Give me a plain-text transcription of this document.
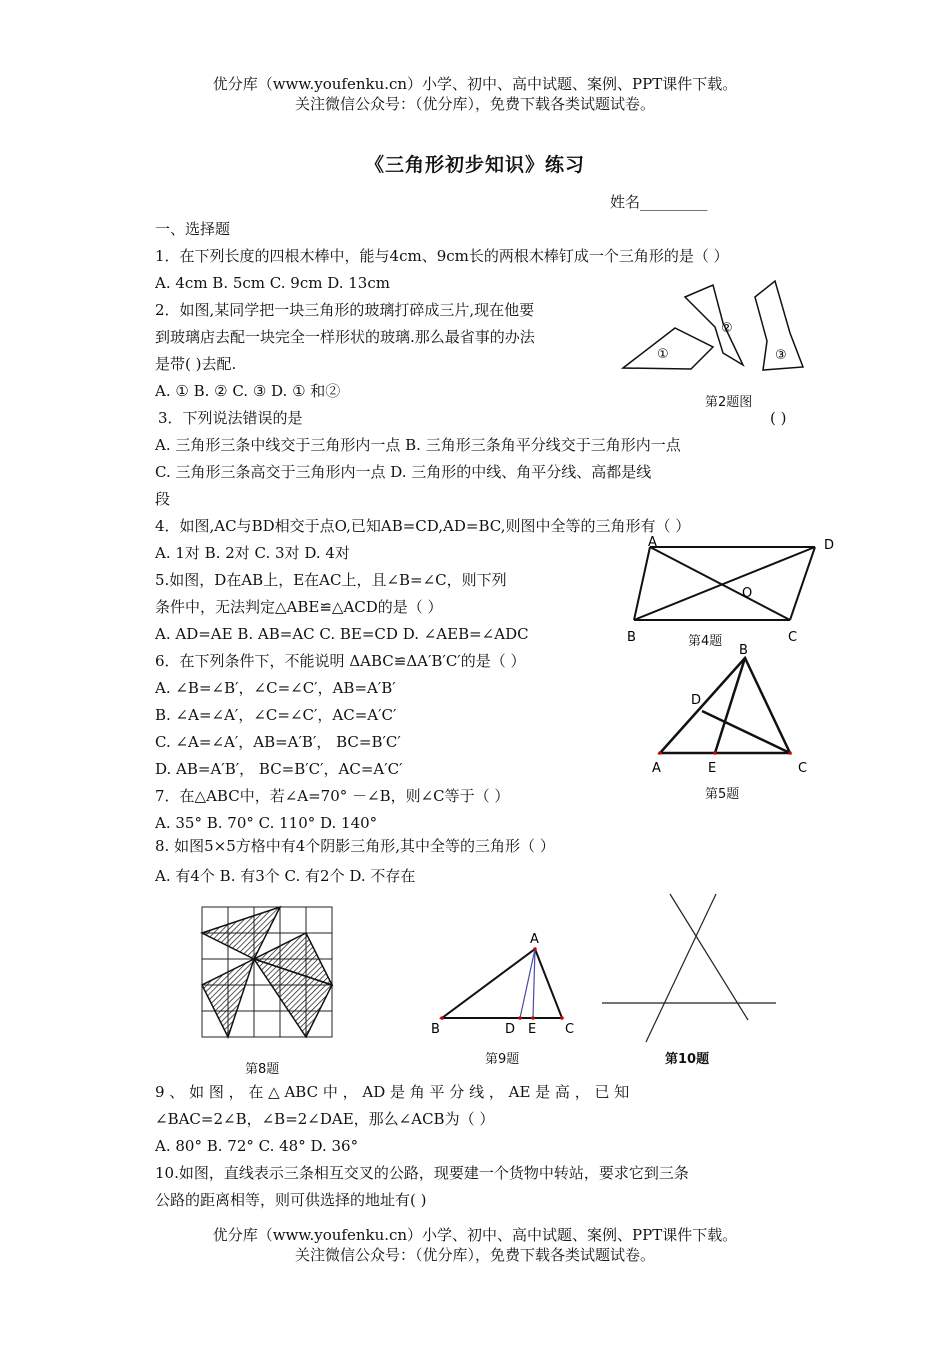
优分库（www.youfenku.cn）小学、初中、高中试题、案例、PPT课件下载。
关注微信公众号：（优分库），免费下载各类试题试卷。
《三角形初步知识》练习
姓名_________
一、选择题
1．在下列长度的四根木棒中，能与4cm、9cm长的两根木棒钉成一个三角形的是（ ）
A. 4cm B. 5cm C. 9cm D. 13cm
2．如图,某同学把一块三角形的玻璃打碎成三片,现在他要
到玻璃店去配一块完全一样形状的玻璃.那么最省事的办法
是带( )去配.
A. ① B. ② C. ③ D. ① 和②
①
②
③
第2题图
3．下列说法错误的是	( )
A. 三角形三条中线交于三角形内一点 B. 三角形三条角平分线交于三角形内一点
C. 三角形三条高交于三角形内一点 D. 三角形的中线、角平分线、高都是线
段
4．如图,AC与BD相交于点O,已知AB=CD,AD=BC,则图中全等的三角形有（ ）
A. 1对 B. 2对 C. 3对 D. 4对
A	D
B	C
O
第4题
5.如图，D在AB上，E在AC上，且∠B=∠C，则下列
条件中，无法判定△ABE≌△ACD的是（ ）
A. AD=AE B. AB=AC C. BE=CD D. ∠AEB=∠ADC
B
D
A	E	C
第5题
6．在下列条件下，不能说明 ΔABC≌ΔA′B′C′的是（ ）
A. ∠B=∠B′，∠C=∠C′，AB=A′B′
B. ∠A=∠A′，∠C=∠C′，AC=A′C′
C. ∠A=∠A′，AB=A′B′， BC=B′C′
D. AB=A′B′， BC=B′C′，AC=A′C′
7．在△ABC中，若∠A=70° －∠B，则∠C等于（ ）
A. 35° B. 70° C. 110° D. 140°
8. 如图5×5方格中有4个阴影三角形,其中全等的三角形（ ）
A. 有4个 B. 有3个 C. 有2个 D. 不存在
第8题
A
B	D E C
第9题	第10题
9 、 如 图 ， 在 △ ABC 中 ， AD 是 角 平 分 线 ， AE 是 高 ， 已 知
∠BAC=2∠B，∠B=2∠DAE，那么∠ACB为（ ）
A. 80° B. 72° C. 48° D. 36°
10.如图，直线表示三条相互交叉的公路，现要建一个货物中转站，要求它到三条
公路的距离相等，则可供选择的地址有( )
优分库（www.youfenku.cn）小学、初中、高中试题、案例、PPT课件下载。
关注微信公众号：（优分库），免费下载各类试题试卷。
